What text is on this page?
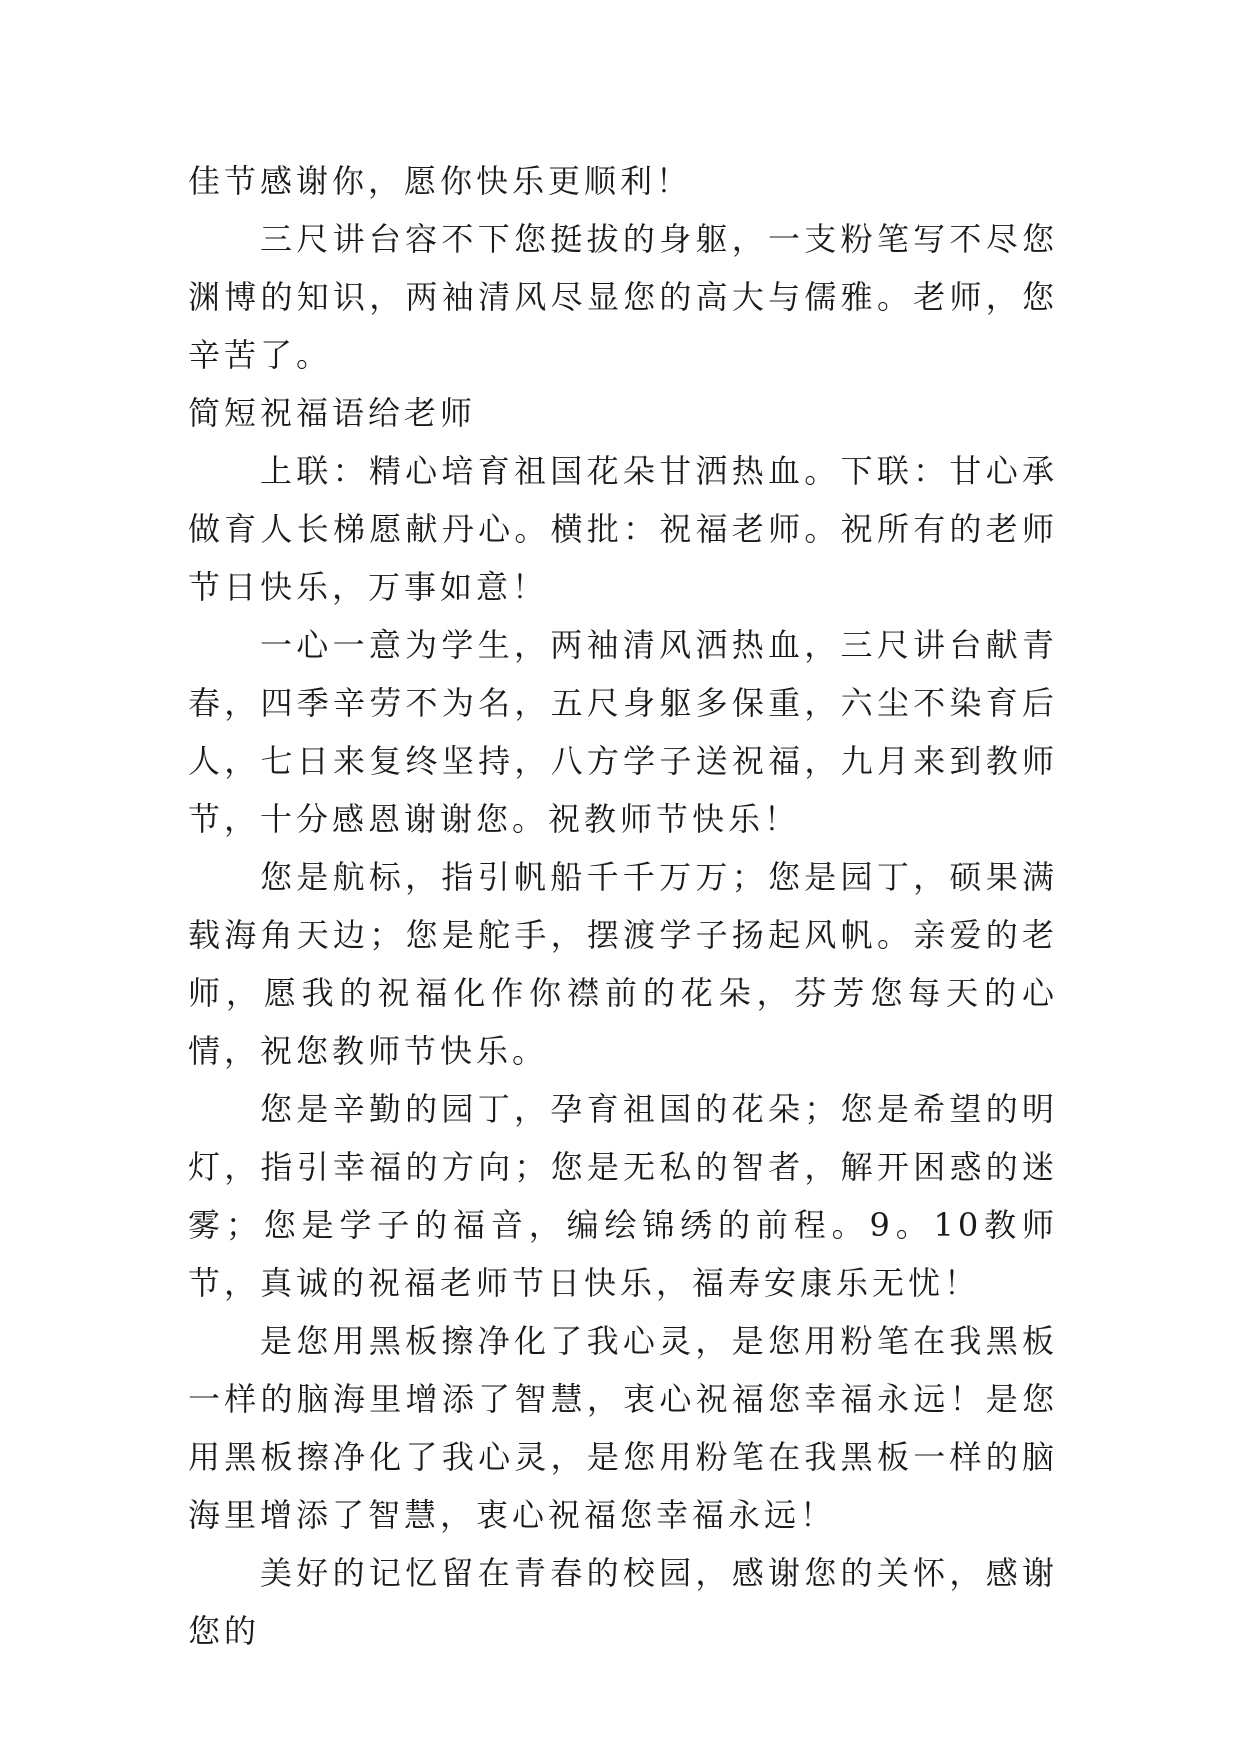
佳节感谢你，愿你快乐更顺利！

三尺讲台容不下您挺拔的身躯，一支粉笔写不尽您渊博的知识，两袖清风尽显您的高大与儒雅。老师，您辛苦了。

简短祝福语给老师

上联：精心培育祖国花朵甘洒热血。下联：甘心承做育人长梯愿献丹心。横批：祝福老师。祝所有的老师节日快乐，万事如意！

一心一意为学生，两袖清风洒热血，三尺讲台献青春，四季辛劳不为名，五尺身躯多保重，六尘不染育后人，七日来复终坚持，八方学子送祝福，九月来到教师节，十分感恩谢谢您。祝教师节快乐！

您是航标，指引帆船千千万万；您是园丁，硕果满载海角天边；您是舵手，摆渡学子扬起风帆。亲爱的老师，愿我的祝福化作你襟前的花朵，芬芳您每天的心情，祝您教师节快乐。

您是辛勤的园丁，孕育祖国的花朵；您是希望的明灯，指引幸福的方向；您是无私的智者，解开困惑的迷雾；您是学子的福音，编绘锦绣的前程。9。10教师节，真诚的祝福老师节日快乐，福寿安康乐无忧！

是您用黑板擦净化了我心灵，是您用粉笔在我黑板一样的脑海里增添了智慧，衷心祝福您幸福永远！是您用黑板擦净化了我心灵，是您用粉笔在我黑板一样的脑海里增添了智慧，衷心祝福您幸福永远！

美好的记忆留在青春的校园，感谢您的关怀，感谢您的
